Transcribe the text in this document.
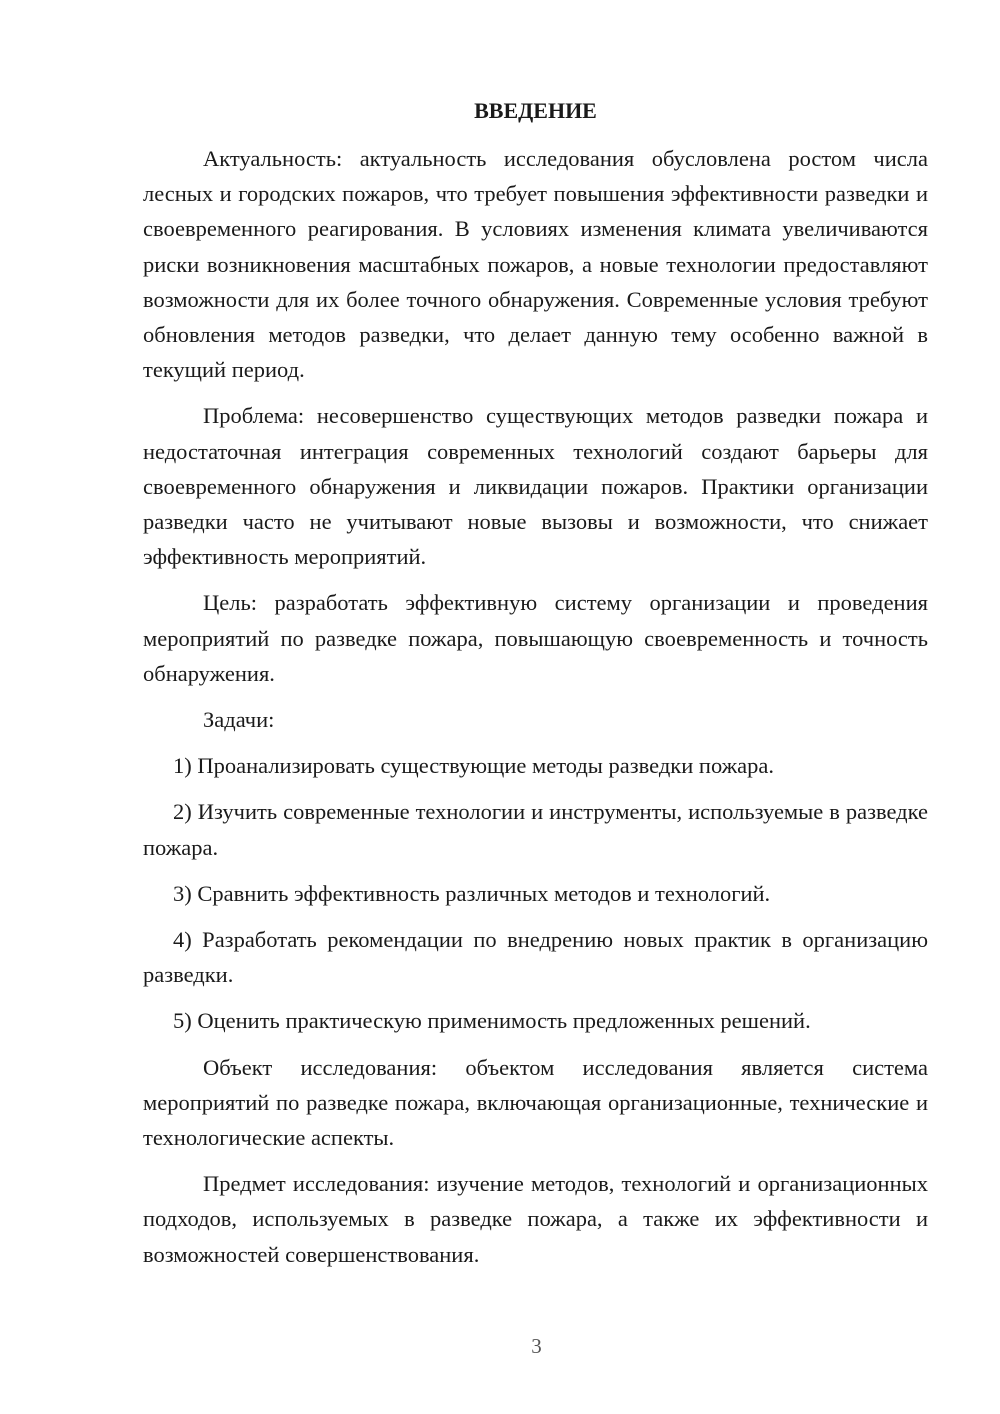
ВВЕДЕНИЕ

Актуальность: актуальность исследования обусловлена ростом числа лесных и городских пожаров, что требует повышения эффективности разведки и своевременного реагирования. В условиях изменения климата увеличиваются риски возникновения масштабных пожаров, а новые технологии предоставляют возможности для их более точного обнаружения. Современные условия требуют обновления методов разведки, что делает данную тему особенно важной в текущий период.

Проблема: несовершенство существующих методов разведки пожара и недостаточная интеграция современных технологий создают барьеры для своевременного обнаружения и ликвидации пожаров. Практики организации разведки часто не учитывают новые вызовы и возможности, что снижает эффективность мероприятий.

Цель: разработать эффективную систему организации и проведения мероприятий по разведке пожара, повышающую своевременность и точность обнаружения.

Задачи:

1) Проанализировать существующие методы разведки пожара.

2) Изучить современные технологии и инструменты, используемые в разведке пожара.

3) Сравнить эффективность различных методов и технологий.

4) Разработать рекомендации по внедрению новых практик в организацию разведки.

5) Оценить практическую применимость предложенных решений.

Объект исследования: объектом исследования является система мероприятий по разведке пожара, включающая организационные, технические и технологические аспекты.

Предмет исследования: изучение методов, технологий и организационных подходов, используемых в разведке пожара, а также их эффективности и возможностей совершенствования.

3
